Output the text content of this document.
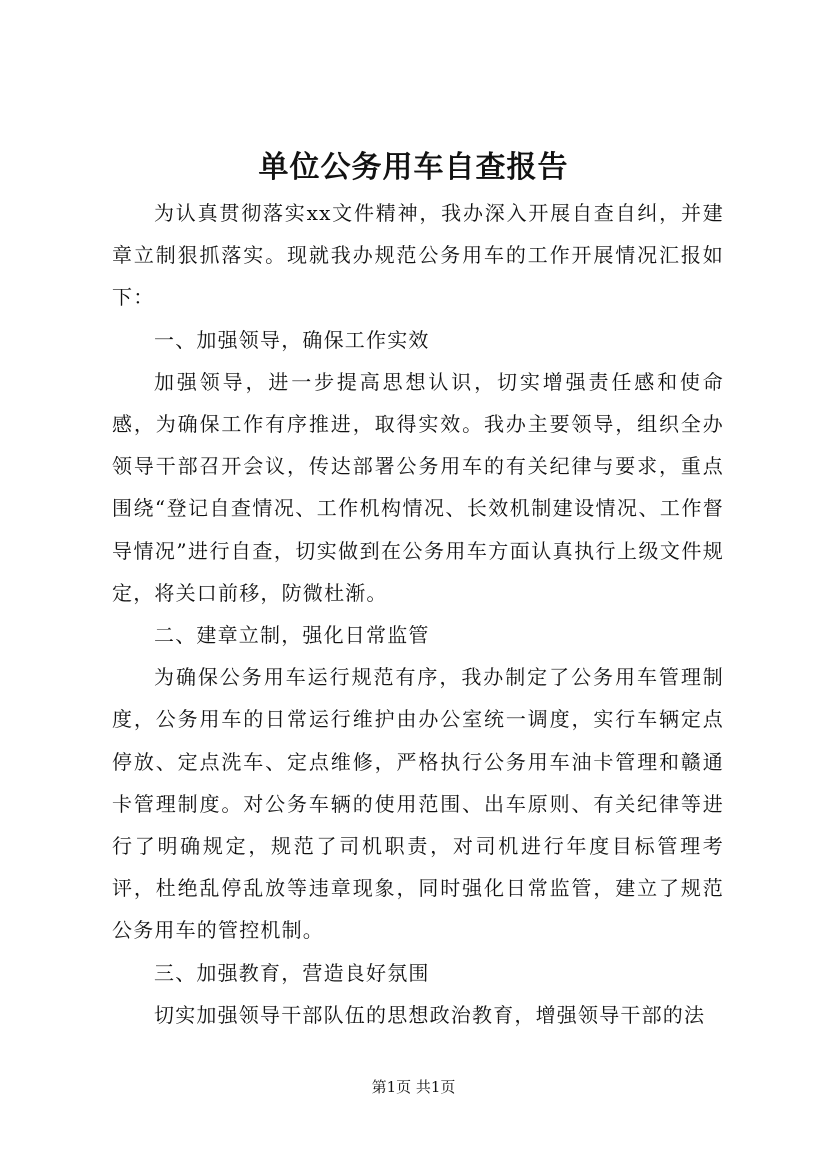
单位公务用车自查报告

为认真贯彻落实xx文件精神，我办深入开展自查自纠，并建章立制狠抓落实。现就我办规范公务用车的工作开展情况汇报如下：

一、加强领导，确保工作实效

加强领导，进一步提高思想认识，切实增强责任感和使命感，为确保工作有序推进，取得实效。我办主要领导，组织全办领导干部召开会议，传达部署公务用车的有关纪律与要求，重点围绕“登记自查情况、工作机构情况、长效机制建设情况、工作督导情况”进行自查，切实做到在公务用车方面认真执行上级文件规定，将关口前移，防微杜渐。

二、建章立制，强化日常监管

为确保公务用车运行规范有序，我办制定了公务用车管理制度，公务用车的日常运行维护由办公室统一调度，实行车辆定点停放、定点洗车、定点维修，严格执行公务用车油卡管理和赣通卡管理制度。对公务车辆的使用范围、出车原则、有关纪律等进行了明确规定，规范了司机职责，对司机进行年度目标管理考评，杜绝乱停乱放等违章现象，同时强化日常监管，建立了规范公务用车的管控机制。

三、加强教育，营造良好氛围

切实加强领导干部队伍的思想政治教育，增强领导干部的法

第1页 共1页
